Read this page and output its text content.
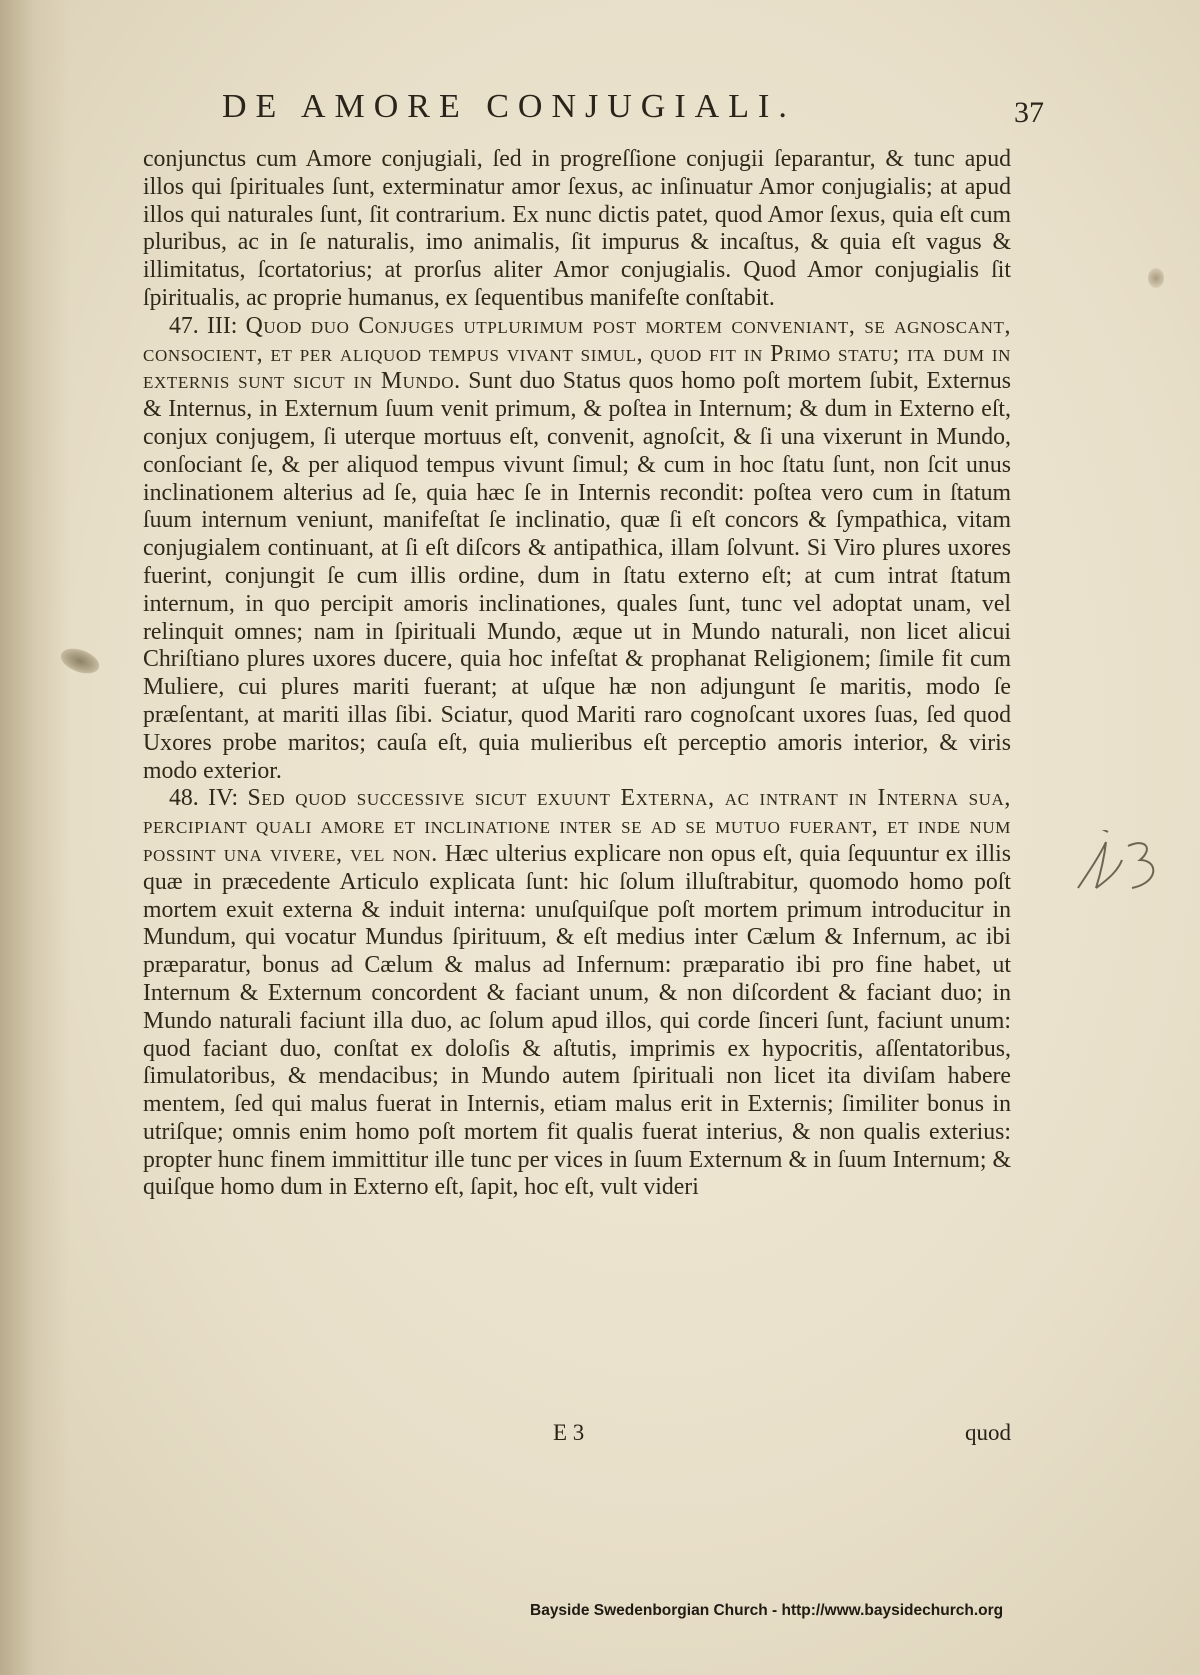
DE AMORE CONJUGIALI.	37

conjunctus cum Amore conjugiali, ſed in progreſſione conjugii ſeparantur, & tunc apud illos qui ſpirituales ſunt, exterminatur amor ſexus, ac inſinuatur Amor conjugialis; at apud illos qui naturales ſunt, ſit contrarium. Ex nunc dictis patet, quod Amor ſexus, quia eſt cum pluribus, ac in ſe naturalis, imo animalis, ſit impurus & incaſtus, & quia eſt vagus & illimitatus, ſcortatorius; at prorſus aliter Amor conjugialis. Quod Amor conjugialis ſit ſpiritualis, ac proprie humanus, ex ſequentibus manifeſte conſtabit.

47. III: Quod duo Conjuges utplurimum post mortem conveniant, se agnoscant, consocient, et per aliquod tempus vivant simul, quod fit in Primo statu; ita dum in externis sunt sicut in Mundo. Sunt duo Status quos homo poſt mortem ſubit, Externus & Internus, in Externum ſuum venit primum, & poſtea in Internum; & dum in Externo eſt, conjux conjugem, ſi uterque mortuus eſt, convenit, agnoſcit, & ſi una vixerunt in Mundo, conſociant ſe, & per aliquod tempus vivunt ſimul; & cum in hoc ſtatu ſunt, non ſcit unus inclinationem alterius ad ſe, quia hæc ſe in Internis recondit: poſtea vero cum in ſtatum ſuum internum veniunt, manifeſtat ſe inclinatio, quæ ſi eſt concors & ſympathica, vitam conjugialem continuant, at ſi eſt diſcors & antipathica, illam ſolvunt. Si Viro plures uxores fuerint, conjungit ſe cum illis ordine, dum in ſtatu externo eſt; at cum intrat ſtatum internum, in quo percipit amoris inclinationes, quales ſunt, tunc vel adoptat unam, vel relinquit omnes; nam in ſpirituali Mundo, æque ut in Mundo naturali, non licet alicui Chriſtiano plures uxores ducere, quia hoc infeſtat & prophanat Religionem; ſimile fit cum Muliere, cui plures mariti fuerant; at uſque hæ non adjungunt ſe maritis, modo ſe præſentant, at mariti illas ſibi. Sciatur, quod Mariti raro cognoſcant uxores ſuas, ſed quod Uxores probe maritos; cauſa eſt, quia mulieribus eſt perceptio amoris interior, & viris modo exterior.

48. IV: Sed quod successive sicut exuunt Externa, ac intrant in Interna sua, percipiant quali amore et inclinatione inter se ad se mutuo fuerant, et inde num possint una vivere, vel non. Hæc ulterius explicare non opus eſt, quia ſequuntur ex illis quæ in præcedente Articulo explicata ſunt: hic ſolum illuſtrabitur, quomodo homo poſt mortem exuit externa & induit interna: unuſquiſque poſt mortem primum introducitur in Mundum, qui vocatur Mundus ſpirituum, & eſt medius inter Cælum & Infernum, ac ibi præparatur, bonus ad Cælum & malus ad Infernum: præparatio ibi pro fine habet, ut Internum & Externum concordent & faciant unum, & non diſcordent & faciant duo; in Mundo naturali faciunt illa duo, ac ſolum apud illos, qui corde ſinceri ſunt, faciunt unum: quod faciant duo, conſtat ex doloſis & aſtutis, imprimis ex hypocritis, aſſentatoribus, ſimulatoribus, & mendacibus; in Mundo autem ſpirituali non licet ita diviſam habere mentem, ſed qui malus fuerat in Internis, etiam malus erit in Externis; ſimiliter bonus in utriſque; omnis enim homo poſt mortem fit qualis fuerat interius, & non qualis exterius: propter hunc finem immittitur ille tunc per vices in ſuum Externum & in ſuum Internum; & quiſque homo dum in Externo eſt, ſapit, hoc eſt, vult videri

E 3	quod
Bayside Swedenborgian Church - http://www.baysidechurch.org
